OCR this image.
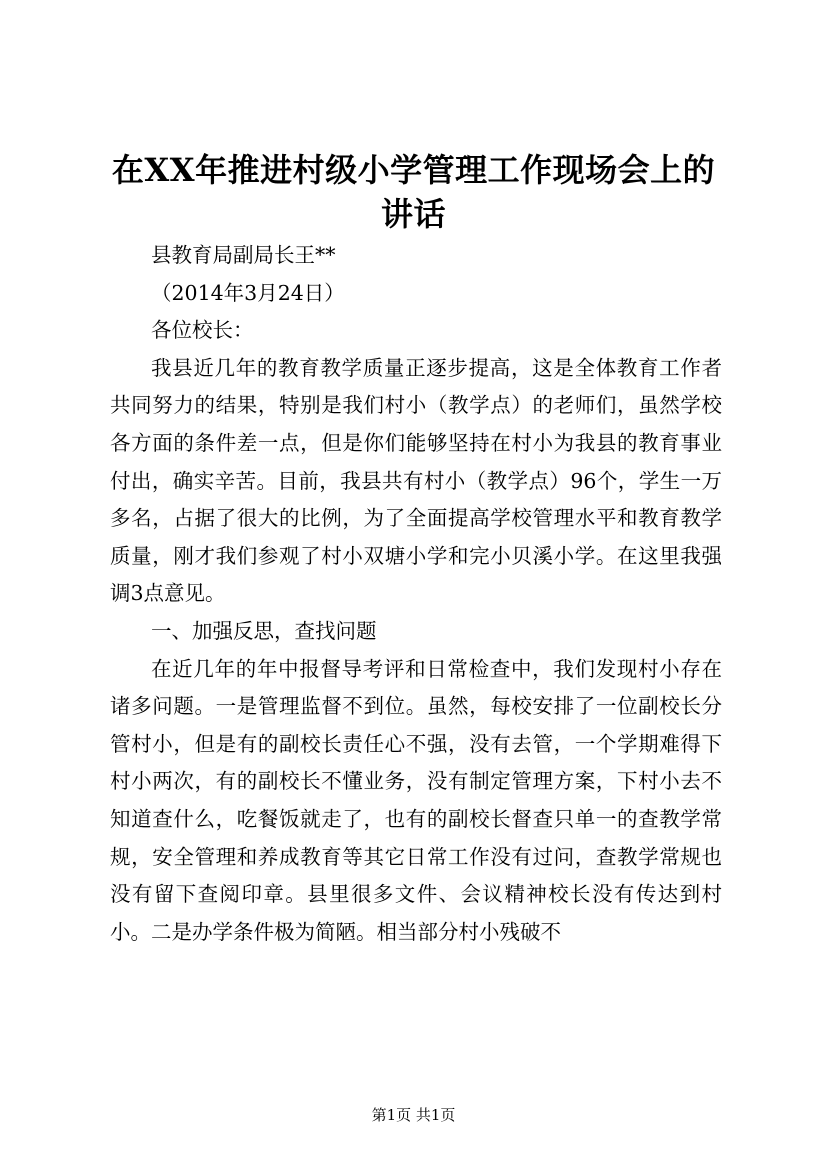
在XX年推进村级小学管理工作现场会上的讲话

县教育局副局长王**

（2014年3月24日）

各位校长：

我县近几年的教育教学质量正逐步提高，这是全体教育工作者共同努力的结果，特别是我们村小（教学点）的老师们，虽然学校各方面的条件差一点，但是你们能够坚持在村小为我县的教育事业付出，确实辛苦。目前，我县共有村小（教学点）96个，学生一万多名，占据了很大的比例，为了全面提高学校管理水平和教育教学质量，刚才我们参观了村小双塘小学和完小贝溪小学。在这里我强调3点意见。

一、加强反思，查找问题

在近几年的年中报督导考评和日常检查中，我们发现村小存在诸多问题。一是管理监督不到位。虽然，每校安排了一位副校长分管村小，但是有的副校长责任心不强，没有去管，一个学期难得下村小两次，有的副校长不懂业务，没有制定管理方案，下村小去不知道查什么，吃餐饭就走了，也有的副校长督查只单一的查教学常规，安全管理和养成教育等其它日常工作没有过问，查教学常规也没有留下查阅印章。县里很多文件、会议精神校长没有传达到村小。二是办学条件极为简陋。相当部分村小残破不

第1页 共1页
